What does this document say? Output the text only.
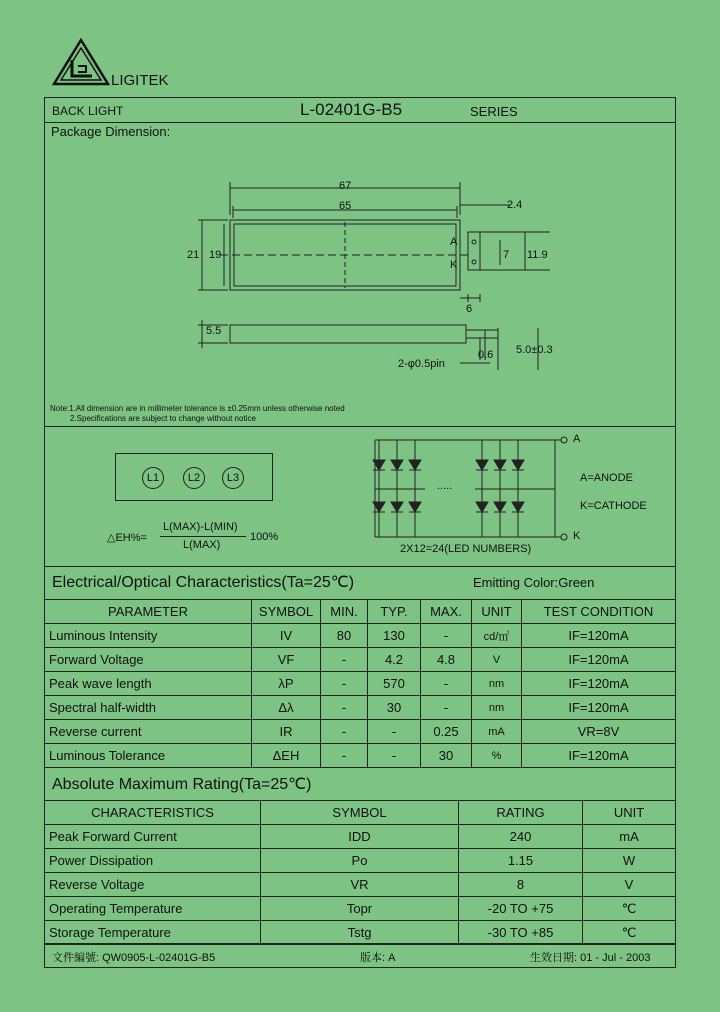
LIGITEK
BACK LIGHT	L-02401G-B5	SERIES
Package Dimension:
67
65	2.4
21 19	7 11.9
6
5.5
0.6 5.0±0.3
2-φ0.5pin
A
K
Note:1.All dimension are in millimeter tolerance is ±0.25mm unless otherwise noted
2.Specifications are subject to change without notice
L1	L2	L3
△EH%=
L(MAX)-L(MIN)
L(MAX)
100%
.....
A
K
A=ANODE
K=CATHODE
2X12=24(LED NUMBERS)
Electrical/Optical Characteristics(Ta=25℃)	Emitting Color:Green
PARAMETER	SYMBOL	MIN.	TYP.	MAX.	UNIT	TEST CONDITION
Luminous Intensity	IV	80	130	-	cd/㎡	IF=120mA
Forward Voltage	VF	-	4.2	4.8	V	IF=120mA
Peak wave length	λP	-	570	-	nm	IF=120mA
Spectral half-width	Δλ	-	30	-	nm	IF=120mA
Reverse current	IR	-	-	0.25	mA	VR=8V
Luminous Tolerance	ΔEH	-	-	30	%	IF=120mA
Absolute Maximum Rating(Ta=25℃)
CHARACTERISTICS	SYMBOL	RATING	UNIT
Peak Forward Current	IDD	240	mA
Power Dissipation	Po	1.15	W
Reverse Voltage	VR	8	V
Operating Temperature	Topr	-20 TO +75	℃
Storage Temperature	Tstg	-30 TO +85	℃
文件編號: QW0905-L-02401G-B5	版本: A	生效日期: 01 - Jul - 2003
